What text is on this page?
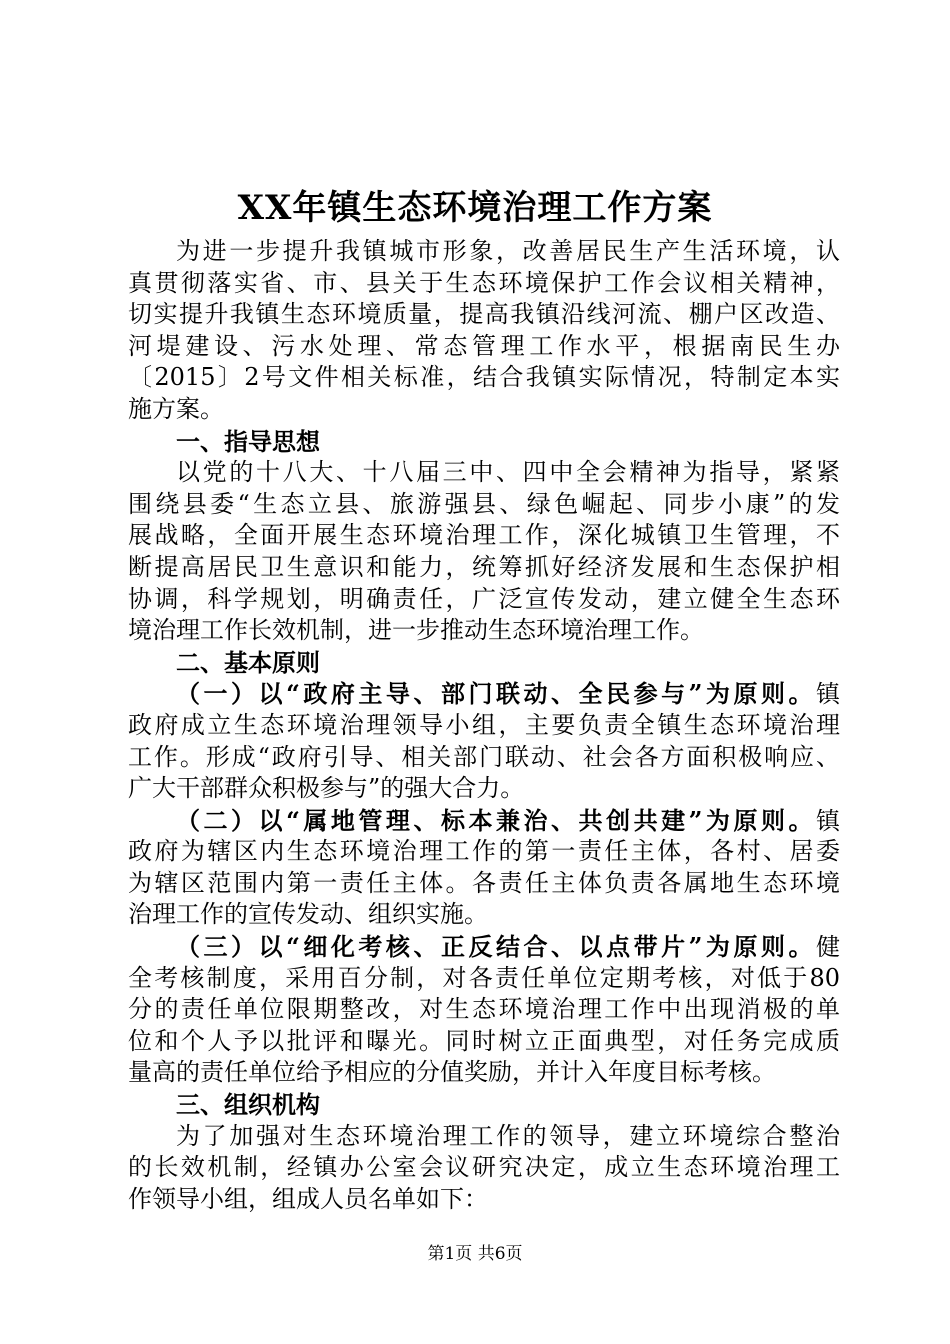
XX年镇生态环境治理工作方案
为进一步提升我镇城市形象，改善居民生产生活环境，认
真贯彻落实省、市、县关于生态环境保护工作会议相关精神，
切实提升我镇生态环境质量，提高我镇沿线河流、棚户区改造、
河堤建设、污水处理、常态管理工作水平，根据南民生办
〔2015〕2号文件相关标准，结合我镇实际情况，特制定本实
施方案。
一、指导思想
以党的十八大、十八届三中、四中全会精神为指导，紧紧
围绕县委“生态立县、旅游强县、绿色崛起、同步小康”的发
展战略，全面开展生态环境治理工作，深化城镇卫生管理，不
断提高居民卫生意识和能力，统筹抓好经济发展和生态保护相
协调，科学规划，明确责任，广泛宣传发动，建立健全生态环
境治理工作长效机制，进一步推动生态环境治理工作。
二、基本原则
（一）以“政府主导、部门联动、全民参与”为原则。镇
政府成立生态环境治理领导小组，主要负责全镇生态环境治理
工作。形成“政府引导、相关部门联动、社会各方面积极响应、
广大干部群众积极参与”的强大合力。
（二）以“属地管理、标本兼治、共创共建”为原则。镇
政府为辖区内生态环境治理工作的第一责任主体，各村、居委
为辖区范围内第一责任主体。各责任主体负责各属地生态环境
治理工作的宣传发动、组织实施。
（三）以“细化考核、正反结合、以点带片”为原则。健
全考核制度，采用百分制，对各责任单位定期考核，对低于80
分的责任单位限期整改，对生态环境治理工作中出现消极的单
位和个人予以批评和曝光。同时树立正面典型，对任务完成质
量高的责任单位给予相应的分值奖励，并计入年度目标考核。
三、组织机构
为了加强对生态环境治理工作的领导，建立环境综合整治
的长效机制，经镇办公室会议研究决定，成立生态环境治理工
作领导小组，组成人员名单如下：
第1页 共6页
